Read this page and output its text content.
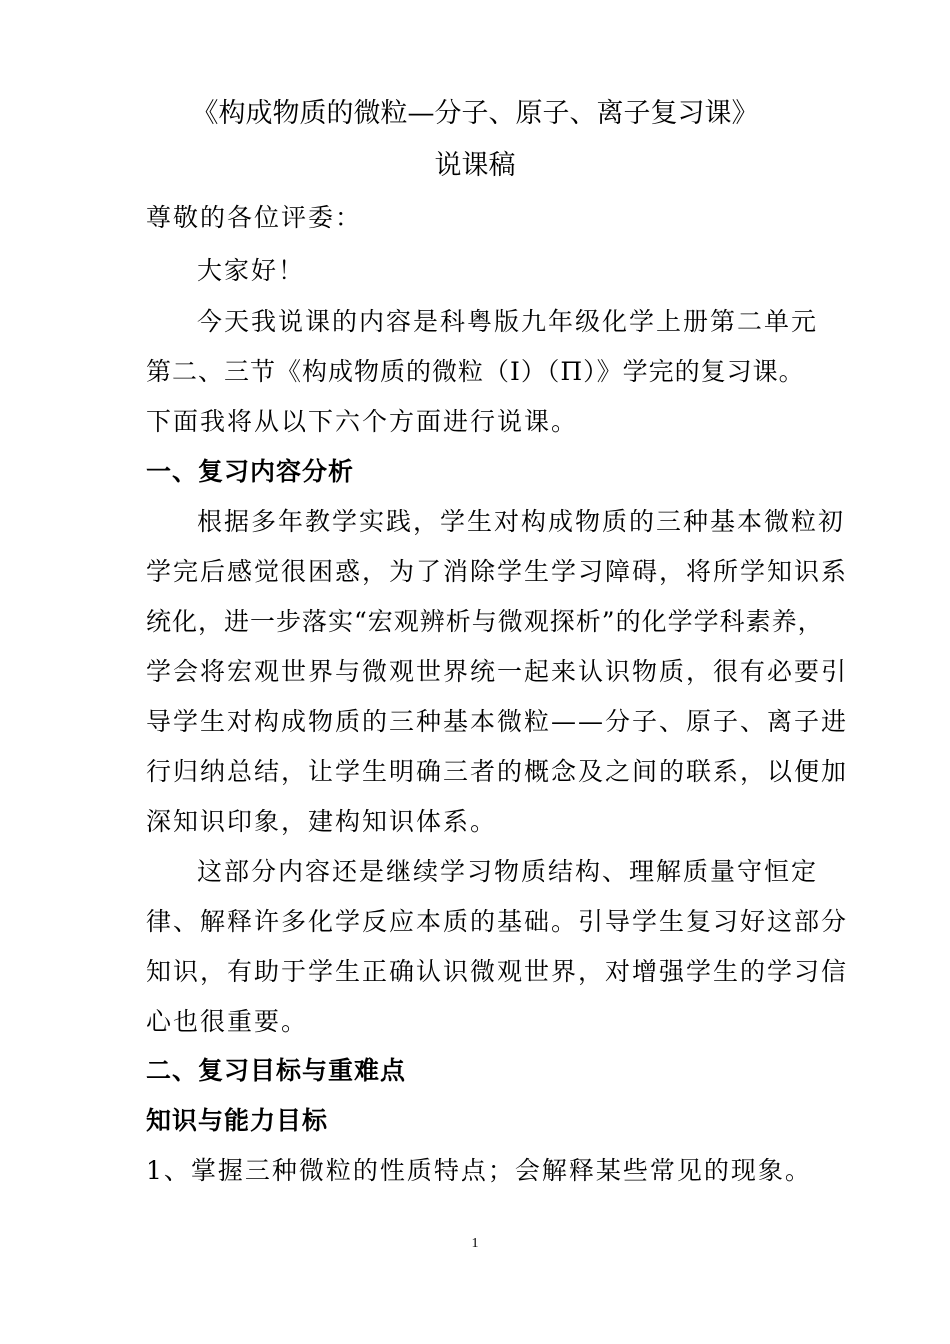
《构成物质的微粒—分子、原子、离子复习课》
说课稿
尊敬的各位评委：
大家好！
今天我说课的内容是科粤版九年级化学上册第二单元
第二、三节《构成物质的微粒（Ⅰ）（Π）》学完的复习课。
下面我将从以下六个方面进行说课。
一、复习内容分析
根据多年教学实践，学生对构成物质的三种基本微粒初
学完后感觉很困惑，为了消除学生学习障碍，将所学知识系
统化，进一步落实“宏观辨析与微观探析”的化学学科素养，
学会将宏观世界与微观世界统一起来认识物质，很有必要引
导学生对构成物质的三种基本微粒——分子、原子、离子进
行归纳总结，让学生明确三者的概念及之间的联系，以便加
深知识印象，建构知识体系。
这部分内容还是继续学习物质结构、理解质量守恒定
律、解释许多化学反应本质的基础。引导学生复习好这部分
知识，有助于学生正确认识微观世界，对增强学生的学习信
心也很重要。
二、复习目标与重难点
知识与能力目标
1、掌握三种微粒的性质特点；会解释某些常见的现象。
1
